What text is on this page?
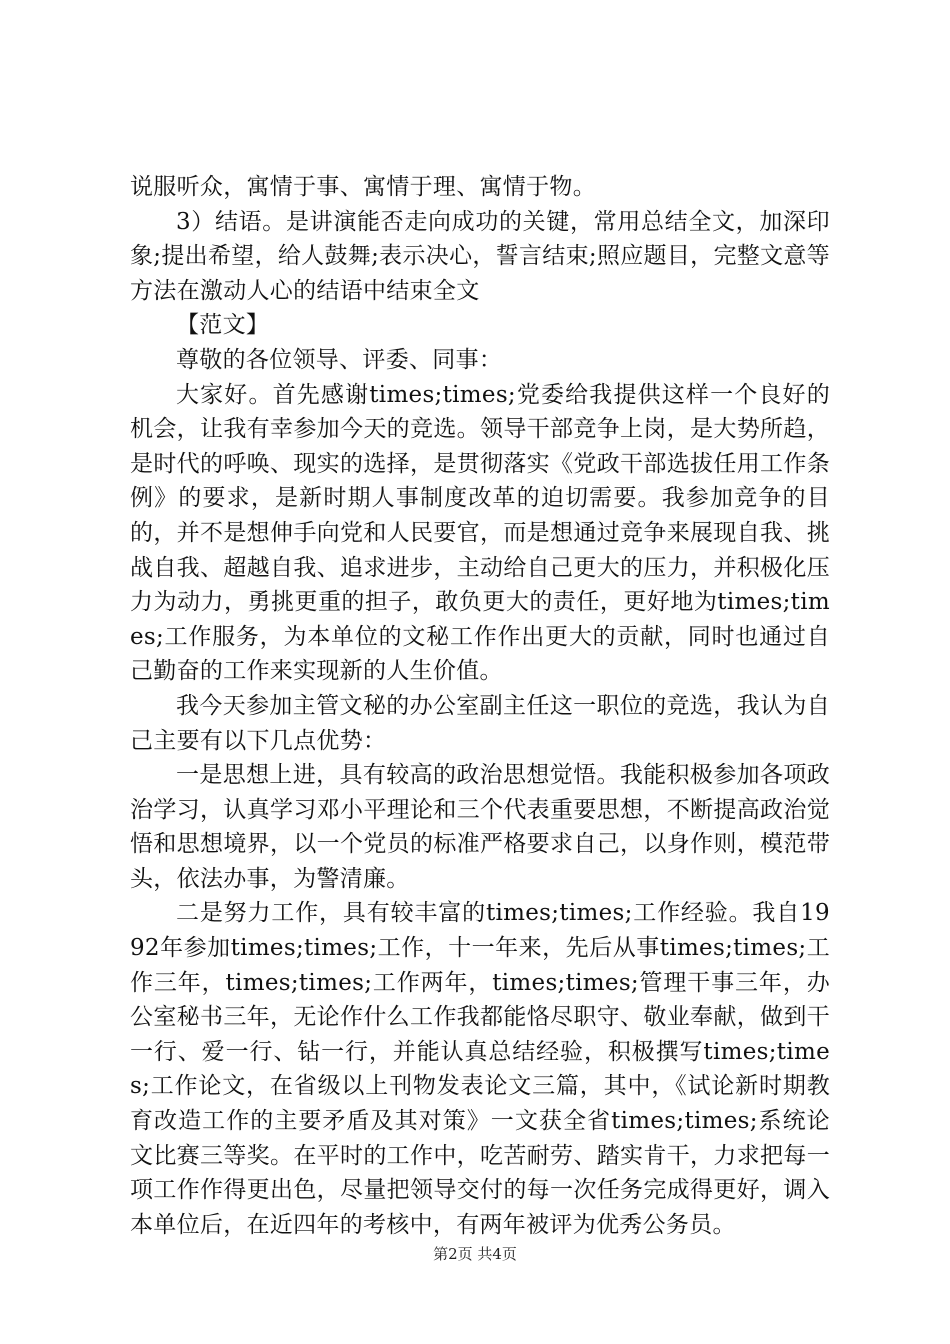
说服听众，寓情于事、寓情于理、寓情于物。

3）结语。是讲演能否走向成功的关键，常用总结全文，加深印象;提出希望，给人鼓舞;表示决心，誓言结束;照应题目，完整文意等方法在激动人心的结语中结束全文

【范文】

尊敬的各位领导、评委、同事：

大家好。首先感谢times;times;党委给我提供这样一个良好的机会，让我有幸参加今天的竞选。领导干部竞争上岗，是大势所趋，是时代的呼唤、现实的选择，是贯彻落实《党政干部选拔任用工作条例》的要求，是新时期人事制度改革的迫切需要。我参加竞争的目的，并不是想伸手向党和人民要官，而是想通过竞争来展现自我、挑战自我、超越自我、追求进步，主动给自己更大的压力，并积极化压力为动力，勇挑更重的担子，敢负更大的责任，更好地为times;times;工作服务，为本单位的文秘工作作出更大的贡献，同时也通过自己勤奋的工作来实现新的人生价值。

我今天参加主管文秘的办公室副主任这一职位的竞选，我认为自己主要有以下几点优势：

一是思想上进，具有较高的政治思想觉悟。我能积极参加各项政治学习，认真学习邓小平理论和三个代表重要思想，不断提高政治觉悟和思想境界，以一个党员的标准严格要求自己，以身作则，模范带头，依法办事，为警清廉。

二是努力工作，具有较丰富的times;times;工作经验。我自1992年参加times;times;工作，十一年来，先后从事times;times;工作三年，times;times;工作两年，times;times;管理干事三年，办公室秘书三年，无论作什么工作我都能恪尽职守、敬业奉献，做到干一行、爱一行、钻一行，并能认真总结经验，积极撰写times;times;工作论文，在省级以上刊物发表论文三篇，其中，《试论新时期教育改造工作的主要矛盾及其对策》一文获全省times;times;系统论文比赛三等奖。在平时的工作中，吃苦耐劳、踏实肯干，力求把每一项工作作得更出色，尽量把领导交付的每一次任务完成得更好，调入本单位后，在近四年的考核中，有两年被评为优秀公务员。

第2页 共4页
